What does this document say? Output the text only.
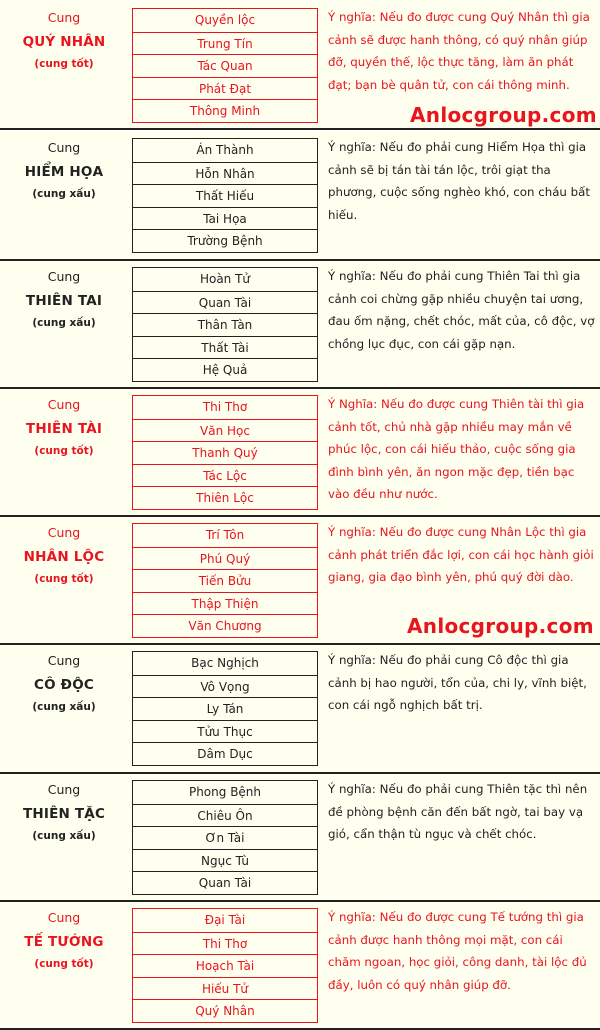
Cung
QUÝ NHÂN
(cung tốt)
Quyền lộc
Trung Tín
Tác Quan
Phát Đạt
Thông Minh

Ý nghĩa: Nếu đo được cung Quý Nhân thì gia cảnh sẽ được hanh thông, có quý nhân giúp đỡ, quyền thế, lộc thực tăng, làm ăn phát đạt; bạn bè quân tử, con cái thông minh.

Cung
HIỂM HỌA
(cung xấu)
Án Thành
Hỗn Nhân
Thất Hiếu
Tai Họa
Trường Bệnh

Ý nghĩa: Nếu đo phải cung Hiểm Họa thì gia cảnh sẽ bị tán tài tán lộc, trôi giạt tha phương, cuộc sống nghèo khó, con cháu bất hiếu.

Cung
THIÊN TAI
(cung xấu)
Hoàn Tử
Quan Tài
Thân Tàn
Thất Tài
Hệ Quả

Ý nghĩa: Nếu đo phải cung Thiên Tai thì gia cảnh coi chừng gặp nhiều chuyện tai ương, đau ốm nặng, chết chóc, mất của, cô độc, vợ chồng lục đục, con cái gặp nạn.

Cung
THIÊN TÀI
(cung tốt)
Thi Thơ
Văn Học
Thanh Quý
Tác Lộc
Thiên Lộc

Ý Nghĩa: Nếu đo được cung Thiên tài thì gia cảnh tốt, chủ nhà gặp nhiều may mắn về phúc lộc, con cái hiếu thảo, cuộc sống gia đình bình yên, ăn ngon mặc đẹp, tiền bạc vào đều như nước.

Cung
NHÂN LỘC
(cung tốt)
Trí Tôn
Phú Quý
Tiến Bửu
Thập Thiện
Văn Chương

Ý nghĩa: Nếu đo được cung Nhân Lộc thì gia cảnh phát triển đắc lợi, con cái học hành giỏi giang, gia đạo bình yên, phú quý đời dào.

Cung
CÔ ĐỘC
(cung xấu)
Bạc Nghịch
Vô Vọng
Ly Tán
Tửu Thục
Dâm Dục

Ý nghĩa: Nếu đo phải cung Cô độc thì gia cảnh bị hao người, tổn của, chi ly, vĩnh biệt, con cái ngỗ nghịch bất trị.

Cung
THIÊN TẶC
(cung xấu)
Phong Bệnh
Chiêu Ôn
Ơn Tài
Ngục Tù
Quan Tài

Ý nghĩa: Nếu đo phải cung Thiên tặc thì nên đề phòng bệnh căn đến bất ngờ, tai bay vạ gió, cẩn thận tù ngục và chết chóc.

Cung
TẾ TƯỚNG
(cung tốt)
Đại Tài
Thi Thơ
Hoạch Tài
Hiếu Tử
Quý Nhân

Ý nghĩa: Nếu đo được cung Tế tướng thì gia cảnh được hanh thông mọi mặt, con cái chăm ngoan, học giỏi, công danh, tài lộc đủ đầy, luôn có quý nhân giúp đỡ.

Anlocgroup.com
Anlocgroup.com
